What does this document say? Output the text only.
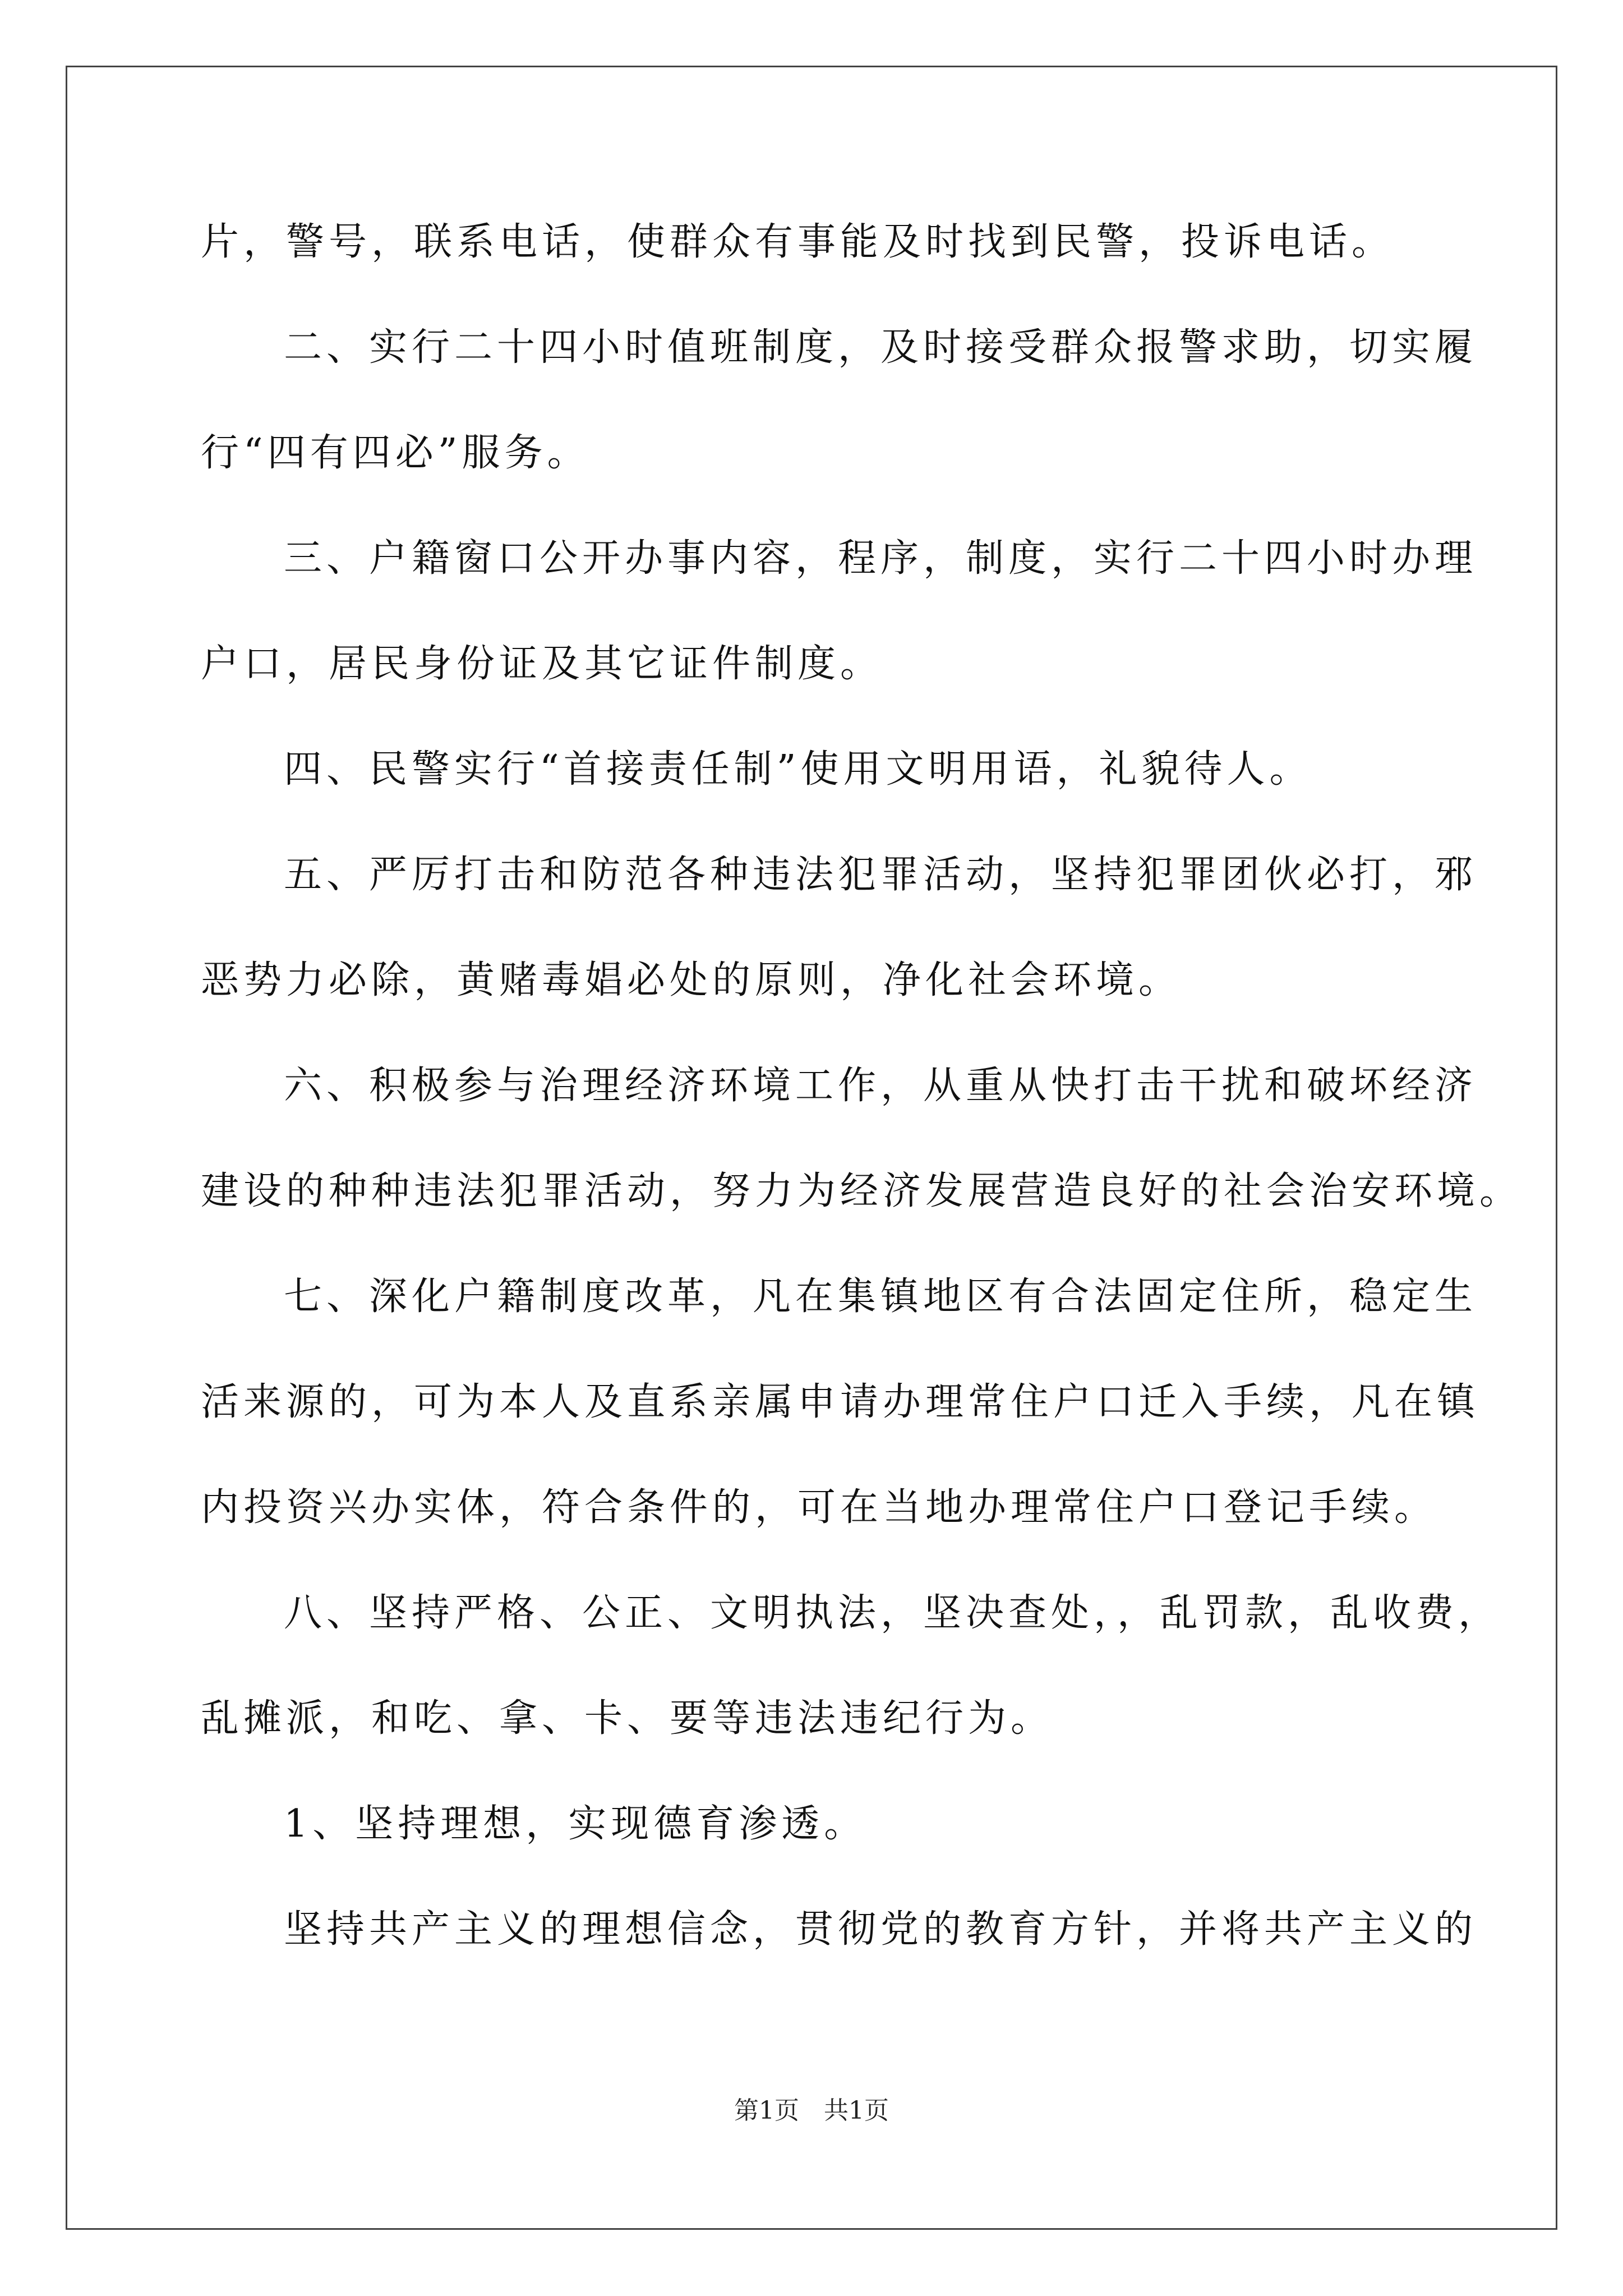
片，警号，联系电话，使群众有事能及时找到民警，投诉电话。
二、实行二十四小时值班制度，及时接受群众报警求助，切实履
行“四有四必”服务。
三、户籍窗口公开办事内容，程序，制度，实行二十四小时办理
户口，居民身份证及其它证件制度。
四、民警实行“首接责任制”使用文明用语，礼貌待人。
五、严厉打击和防范各种违法犯罪活动，坚持犯罪团伙必打，邪
恶势力必除，黄赌毒娼必处的原则，净化社会环境。
六、积极参与治理经济环境工作，从重从快打击干扰和破坏经济
建设的种种违法犯罪活动，努力为经济发展营造良好的社会治安环境。
七、深化户籍制度改革，凡在集镇地区有合法固定住所，稳定生
活来源的，可为本人及直系亲属申请办理常住户口迁入手续，凡在镇
内投资兴办实体，符合条件的，可在当地办理常住户口登记手续。
八、坚持严格、公正、文明执法，坚决查处，，乱罚款，乱收费，
乱摊派，和吃、拿、卡、要等违法违纪行为。
1、坚持理想，实现德育渗透。
坚持共产主义的理想信念，贯彻党的教育方针，并将共产主义的
第1页　共1页
